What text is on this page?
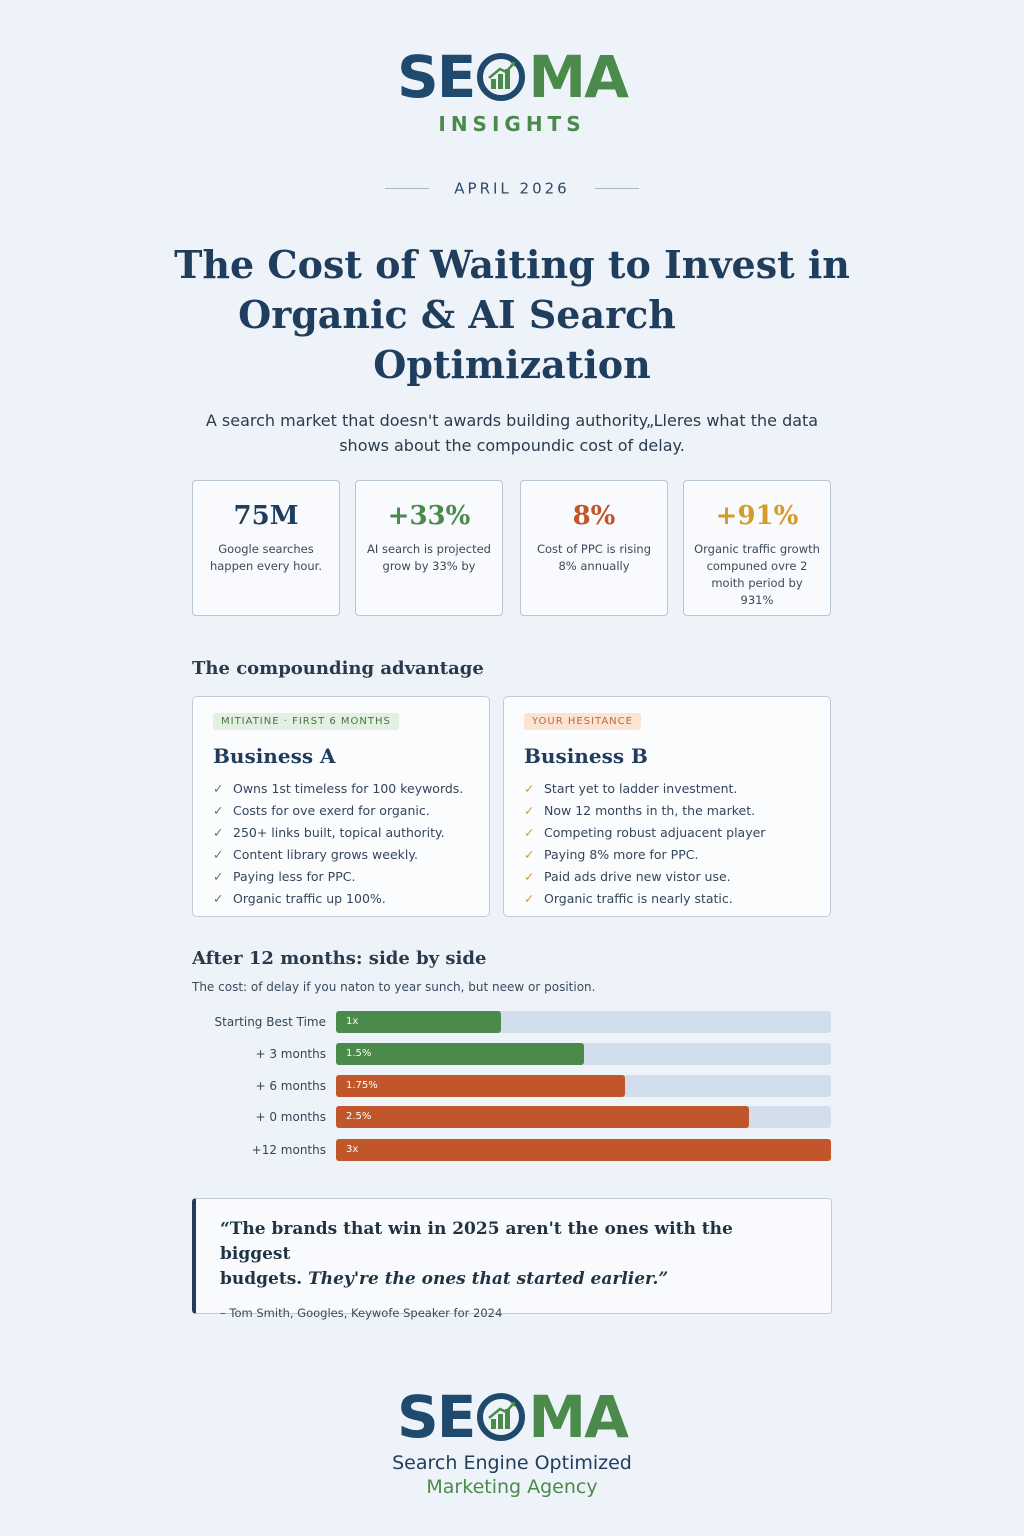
SE MA
INSIGHTS
APRIL 2026
The Cost of Waiting to Invest in
Organic & AI Search
Optimization
A search market that doesn't awards building authority„Lleres what the data
shows about the compoundic cost of delay.
75M
Google searches happen every hour.
+33%
AI search is projected grow by 33% by
8%
Cost of PPC is rising 8% annually
+91%
Organic traffic growth compuned ovre 2 moith period by 931%
The compounding advantage
MITIATINE · FIRST 6 MONTHS
Business A
✓ Owns 1st timeless for 100 keywords.
✓ Costs for ove exerd for organic.
✓ 250+ links built, topical authority.
✓ Content library grows weekly.
✓ Paying less for PPC.
✓ Organic traffic up 100%.
YOUR HESITANCE
Business B
✓ Start yet to ladder investment.
✓ Now 12 months in th, the market.
✓ Competing robust adjuacent player
✓ Paying 8% more for PPC.
✓ Paid ads drive new vistor use.
✓ Organic traffic is nearly static.
After 12 months: side by side
The cost: of delay if you naton to year sunch, but neew or position.
Starting Best Time 1x
+ 3 months 1.5%
+ 6 months 1.75%
+ 0 months 2.5%
+12 months 3x
“The brands that win in 2025 aren't the ones with the biggest
budgets. They're the ones that started earlier.”
– Tom Smith, Googles, Keywofe Speaker for 2024
SE MA
Search Engine Optimized
Marketing Agency
